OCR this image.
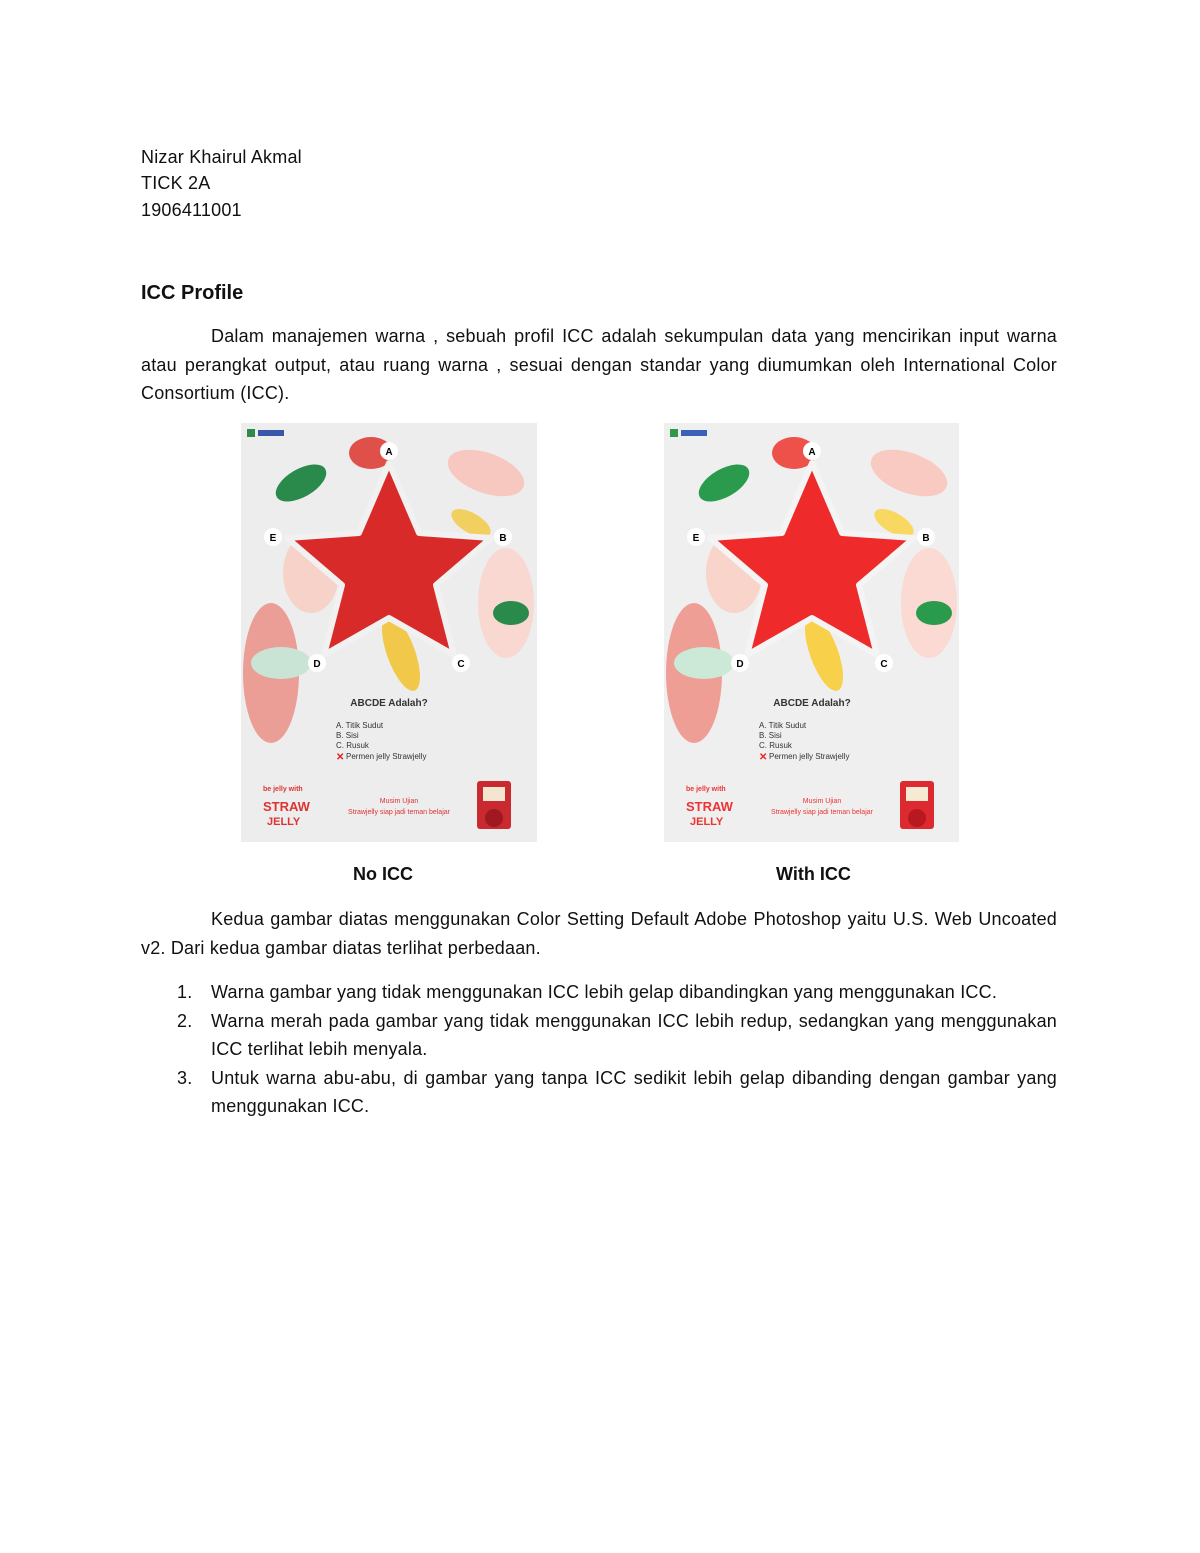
Nizar Khairul Akmal
TICK 2A
1906411001
ICC Profile

Dalam manajemen warna , sebuah profil ICC adalah sekumpulan data yang mencirikan input warna atau perangkat output, atau ruang warna , sesuai dengan standar yang diumumkan oleh International Color Consortium (ICC).

A
B
C
D
E
ABCDE Adalah?
A. Titik Sudut
B. Sisi
C. Rusuk
✕ Permen jelly Strawjelly
be jelly with
STRAW
JELLY
Musim Ujian
Strawjelly siap jadi teman belajar
A
B
C
D
E
ABCDE Adalah?
A. Titik Sudut
B. Sisi
C. Rusuk
✕ Permen jelly Strawjelly
be jelly with
STRAW
JELLY
Musim Ujian
Strawjelly siap jadi teman belajar
No ICC	With ICC

Kedua gambar diatas menggunakan Color Setting Default Adobe Photoshop yaitu U.S. Web Uncoated v2. Dari kedua gambar diatas terlihat perbedaan.

1. Warna gambar yang tidak menggunakan ICC lebih gelap dibandingkan yang menggunakan ICC.
2. Warna merah pada gambar yang tidak menggunakan ICC lebih redup, sedangkan yang menggunakan ICC terlihat lebih menyala.
3. Untuk warna abu-abu, di gambar yang tanpa ICC sedikit lebih gelap dibanding dengan gambar yang menggunakan ICC.
